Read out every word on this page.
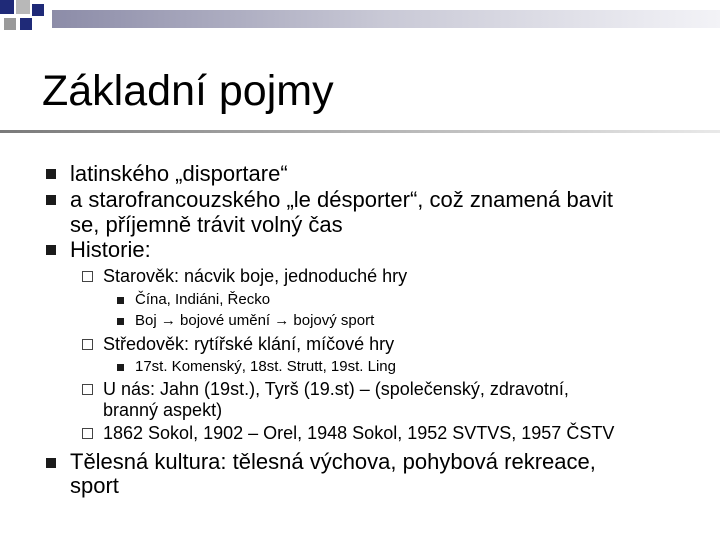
Základní pojmy
latinského „disportare“
a starofrancouzského „le désporter“, což znamená bavit
se, příjemně trávit volný čas
Historie:
Starověk: nácvik boje, jednoduché hry
Čína, Indiáni, Řecko
Boj → bojové umění → bojový sport
Středověk: rytířské klání, míčové hry
17st. Komenský, 18st. Strutt, 19st. Ling
U nás: Jahn (19st.), Tyrš (19.st) – (společenský, zdravotní,
branný aspekt)
1862 Sokol, 1902 – Orel, 1948 Sokol, 1952 SVTVS, 1957 ČSTV
Tělesná kultura: tělesná výchova, pohybová rekreace,
sport
